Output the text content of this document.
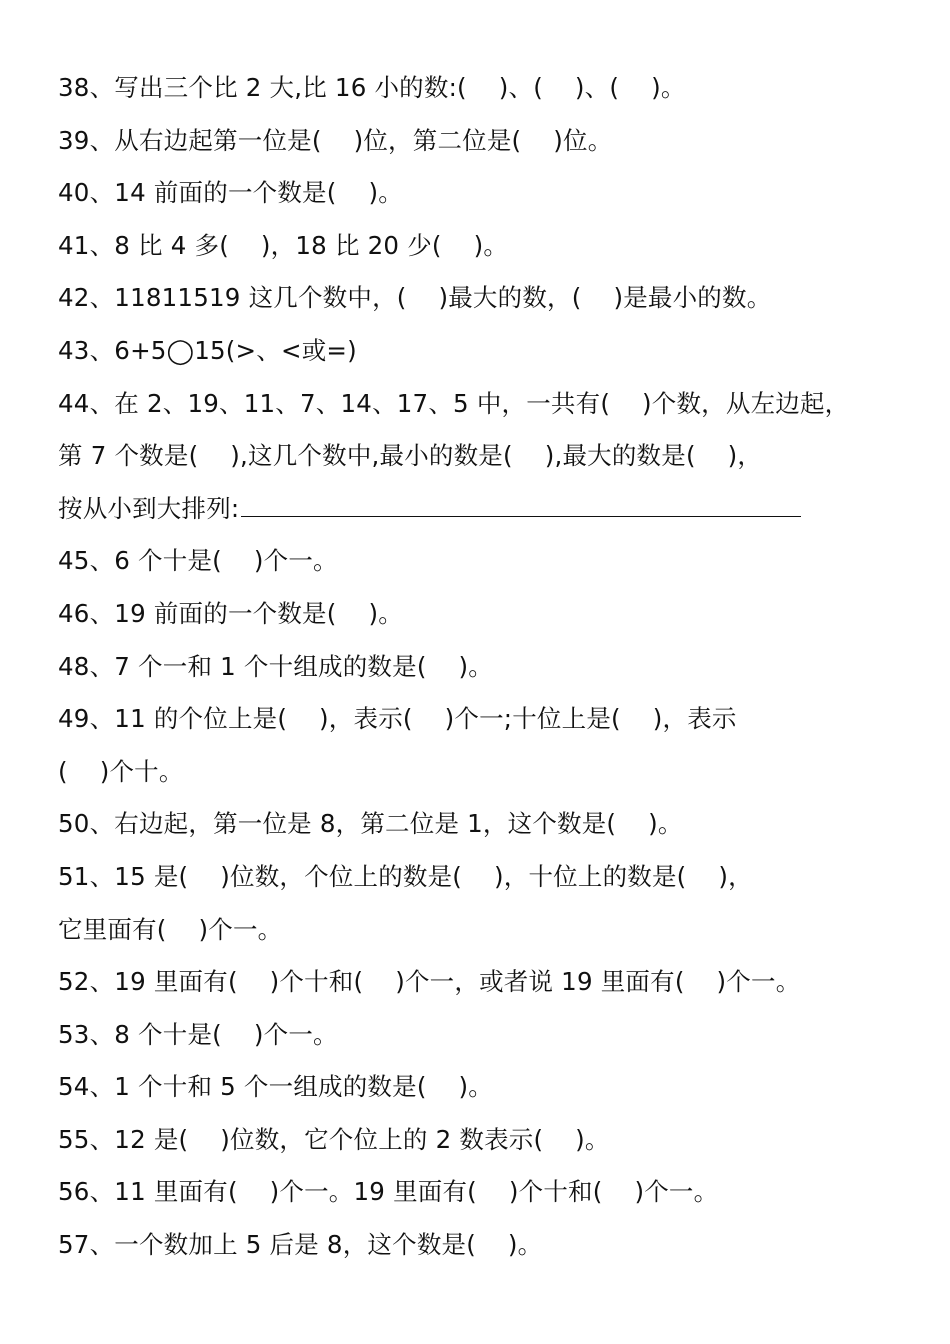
38、写出三个比 2 大,比 16 小的数:(    )、(    )、(    )。
39、从右边起第一位是(    )位，第二位是(    )位。
40、14 前面的一个数是(    )。
41、8 比 4 多(    )，18 比 20 少(    )。
42、11811519 这几个数中，(    )最大的数，(    )是最小的数。
43、6+5◯15(>、<或=)
44、在 2、19、11、7、14、17、5 中，一共有(    )个数，从左边起，
第 7 个数是(    ),这几个数中,最小的数是(    ),最大的数是(    )，
按从小到大排列:
45、6 个十是(    )个一。
46、19 前面的一个数是(    )。
48、7 个一和 1 个十组成的数是(    )。
49、11 的个位上是(    )，表示(    )个一;十位上是(    )，表示
(    )个十。
50、右边起，第一位是 8，第二位是 1，这个数是(    )。
51、15 是(    )位数，个位上的数是(    )，十位上的数是(    )，
它里面有(    )个一。
52、19 里面有(    )个十和(    )个一，或者说 19 里面有(    )个一。
53、8 个十是(    )个一。
54、1 个十和 5 个一组成的数是(    )。
55、12 是(    )位数，它个位上的 2 数表示(    )。
56、11 里面有(    )个一。19 里面有(    )个十和(    )个一。
57、一个数加上 5 后是 8，这个数是(    )。
